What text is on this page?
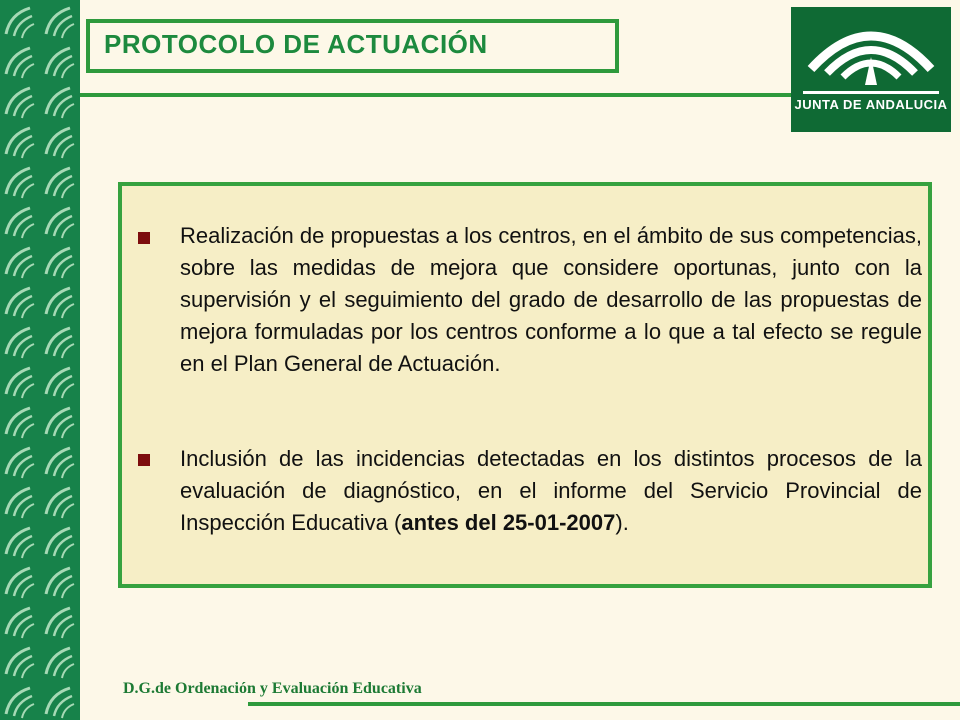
PROTOCOLO DE ACTUACIÓN
JUNTA DE ANDALUCIA
Realización de propuestas a los centros, en el ámbito de sus competencias, sobre las medidas de mejora que considere oportunas, junto con la supervisión y el seguimiento del grado de desarrollo de las propuestas de mejora formuladas por los centros conforme a lo que a tal efecto se regule en el Plan General de Actuación.
Inclusión de las incidencias detectadas en los distintos procesos de la evaluación de diagnóstico, en el informe del Servicio Provincial de Inspección Educativa (antes del 25-01-2007).
D.G.de Ordenación y Evaluación Educativa
